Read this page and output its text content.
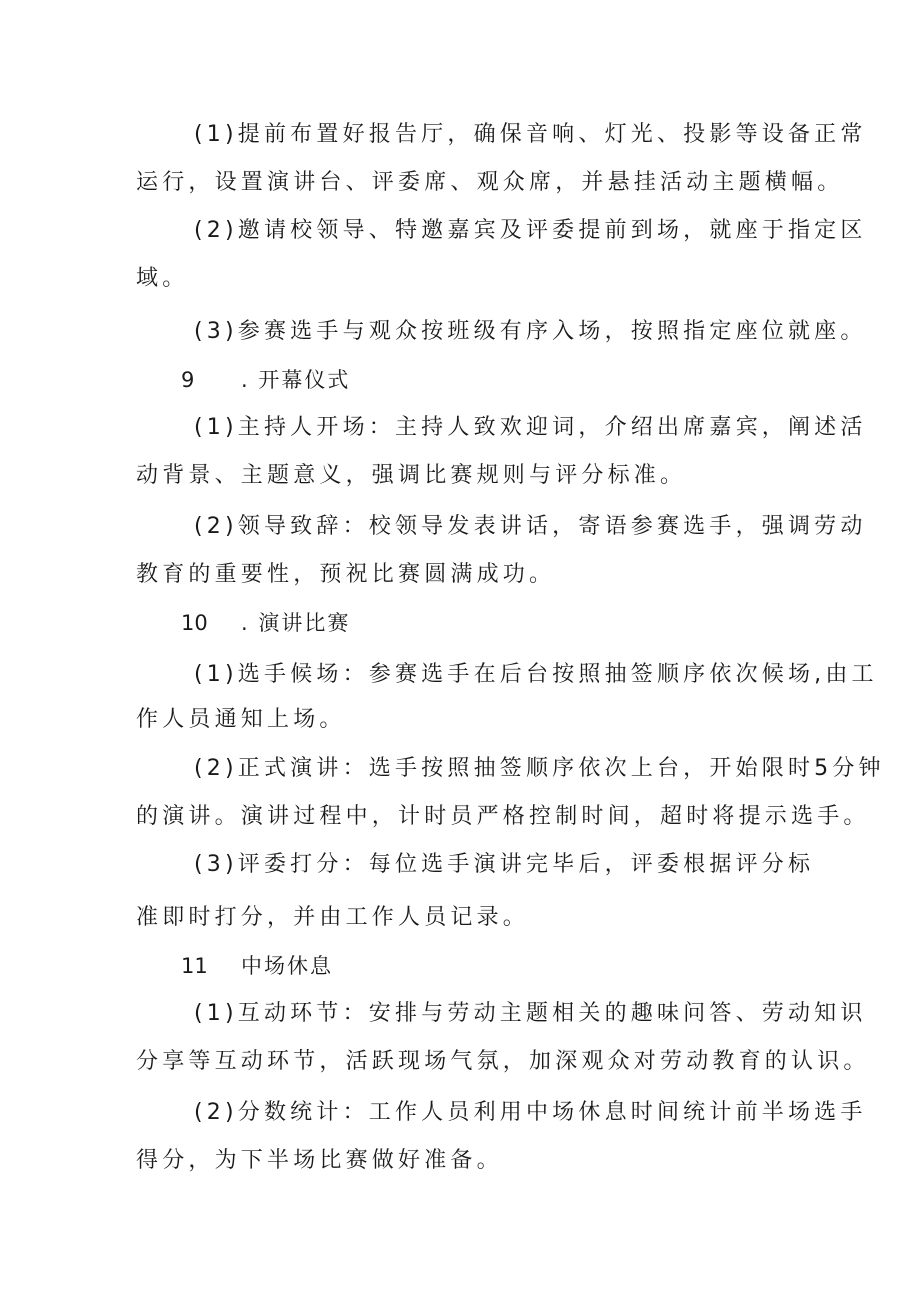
(1)提前布置好报告厅，确保音响、灯光、投影等设备正常
运行，设置演讲台、评委席、观众席，并悬挂活动主题横幅。
(2)邀请校领导、特邀嘉宾及评委提前到场，就座于指定区
域。
(3)参赛选手与观众按班级有序入场，按照指定座位就座。
9 . 开幕仪式
(1)主持人开场：主持人致欢迎词，介绍出席嘉宾，阐述活
动背景、主题意义，强调比赛规则与评分标准。
(2)领导致辞：校领导发表讲话，寄语参赛选手，强调劳动
教育的重要性，预祝比赛圆满成功。
10 . 演讲比赛
(1)选手候场：参赛选手在后台按照抽签顺序依次候场,由工
作人员通知上场。
(2)正式演讲：选手按照抽签顺序依次上台，开始限时5分钟
的演讲。演讲过程中，计时员严格控制时间，超时将提示选手。
(3)评委打分：每位选手演讲完毕后，评委根据评分标
准即时打分，并由工作人员记录。
11 中场休息
(1)互动环节：安排与劳动主题相关的趣味问答、劳动知识
分享等互动环节，活跃现场气氛，加深观众对劳动教育的认识。
(2)分数统计：工作人员利用中场休息时间统计前半场选手
得分，为下半场比赛做好准备。
